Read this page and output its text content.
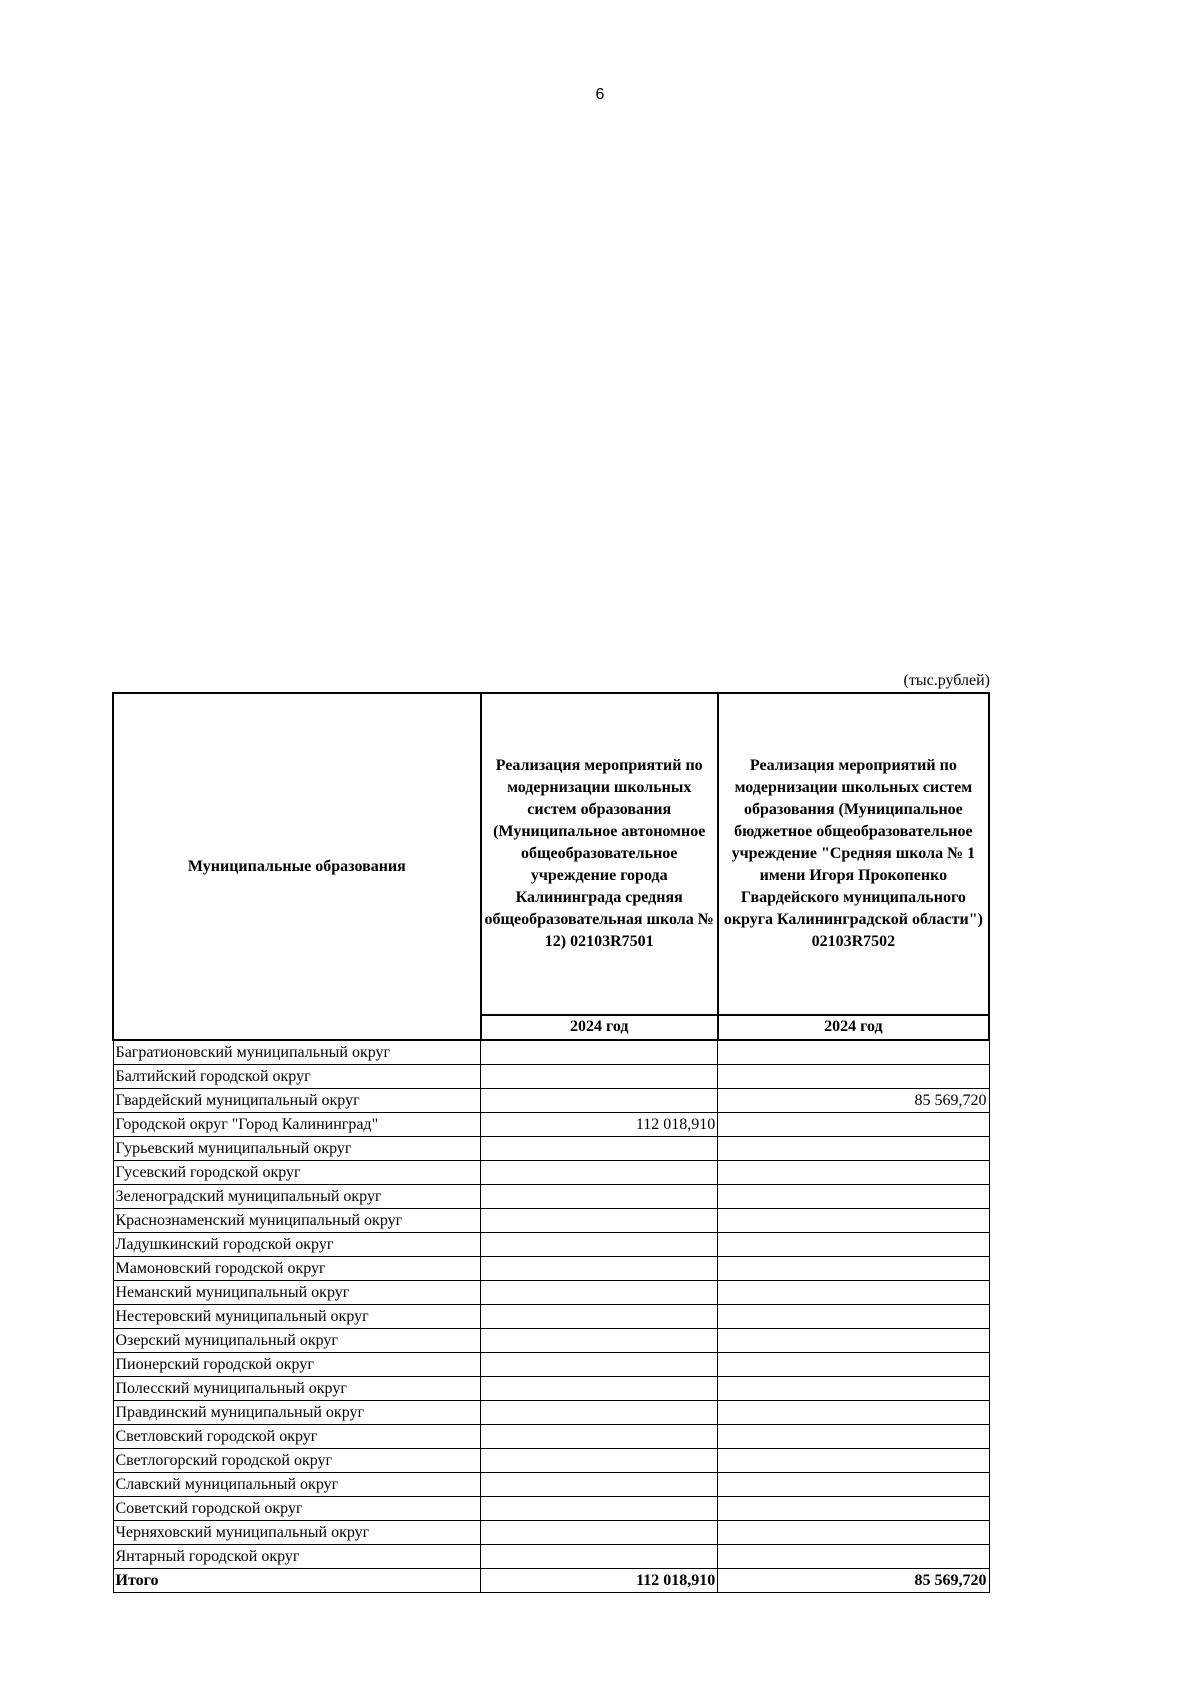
6
(тыс.рублей)
Муниципальные образования	Реализация мероприятий по модернизации школьных систем образования (Муниципальное автономное общеобразовательное учреждение города Калининграда средняя общеобразовательная школа № 12) 02103R7501	Реализация мероприятий по модернизации школьных систем образования (Муниципальное бюджетное общеобразовательное учреждение "Средняя школа № 1 имени Игоря Прокопенко Гвардейского муниципального округа Калининградской области") 02103R7502
	2024 год	2024 год
Багратионовский муниципальный округ		
Балтийский городской округ		
Гвардейский муниципальный округ		85 569,720
Городской округ "Город Калининград"	112 018,910	
Гурьевский муниципальный округ		
Гусевский городской округ		
Зеленоградский муниципальный округ		
Краснознаменский муниципальный округ		
Ладушкинский городской округ		
Мамоновский городской округ		
Неманский муниципальный округ		
Нестеровский муниципальный округ		
Озерский муниципальный округ		
Пионерский городской округ		
Полесский муниципальный округ		
Правдинский муниципальный округ		
Светловский городской округ		
Светлогорский городской округ		
Славский муниципальный округ		
Советский городской округ		
Черняховский муниципальный округ		
Янтарный городской округ		
Итого	112 018,910	85 569,720
